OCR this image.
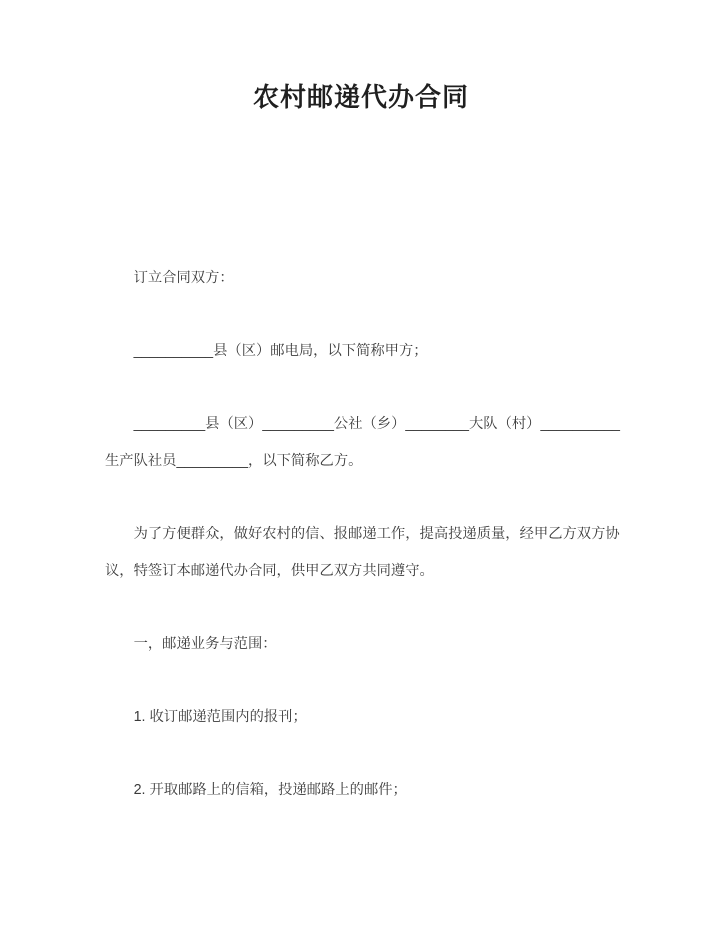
农村邮递代办合同
订立合同双方：
__________县（区）邮电局，以下简称甲方；
_________县（区）_________公社（乡）________大队（村）__________
生产队社员_________，以下简称乙方。
为了方便群众，做好农村的信、报邮递工作，提高投递质量，经甲乙方双方协
议，特签订本邮递代办合同，供甲乙双方共同遵守。
一，邮递业务与范围：
1. 收订邮递范围内的报刊；
2. 开取邮路上的信箱，投递邮路上的邮件；
